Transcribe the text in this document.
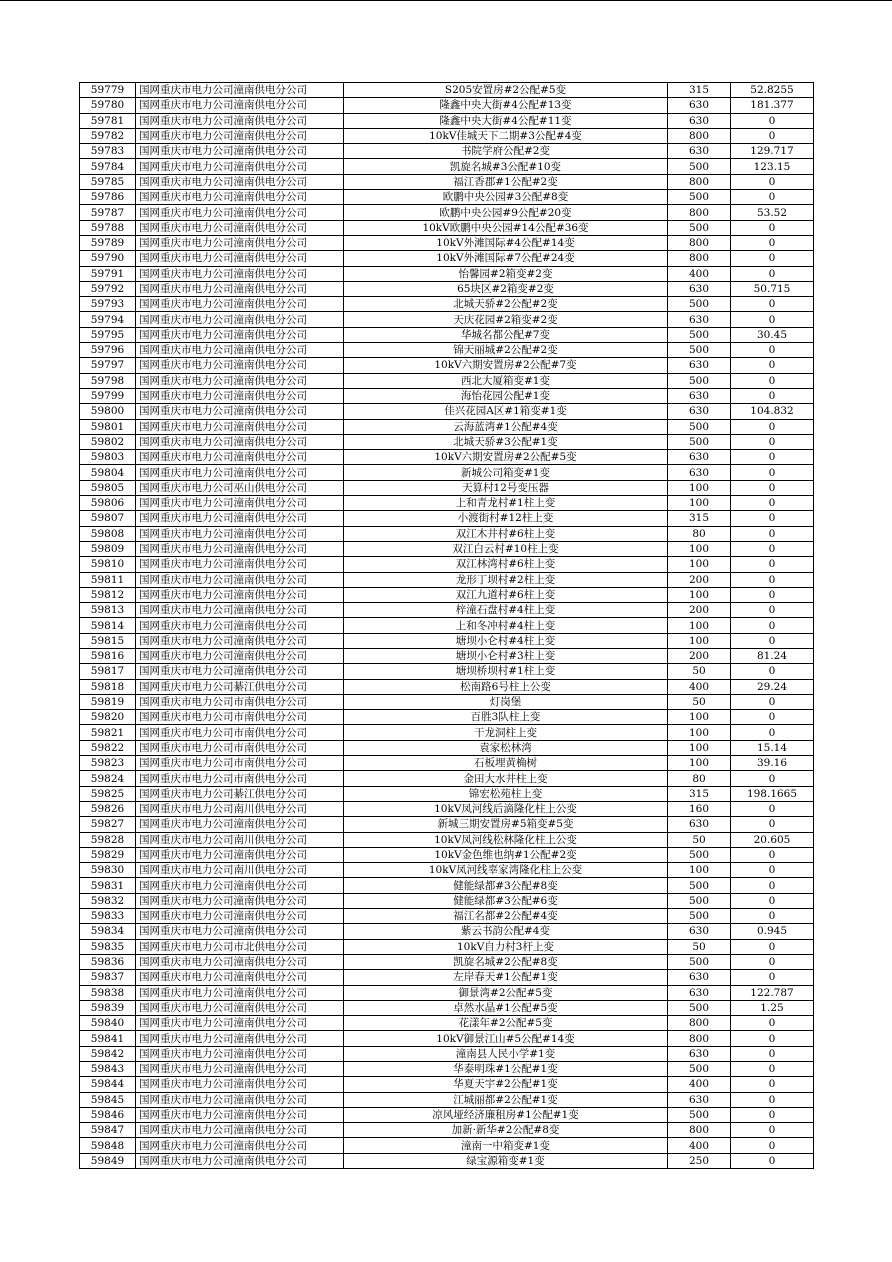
59779	国网重庆市电力公司潼南供电分公司	S205安置房#2公配#5变	315	52.8255
59780	国网重庆市电力公司潼南供电分公司	隆鑫中央大街#4公配#13变	630	181.377
59781	国网重庆市电力公司潼南供电分公司	隆鑫中央大街#4公配#11变	630	0
59782	国网重庆市电力公司潼南供电分公司	10kV佳城天下二期#3公配#4变	800	0
59783	国网重庆市电力公司潼南供电分公司	书院学府公配#2变	630	129.717
59784	国网重庆市电力公司潼南供电分公司	凯旋名城#3公配#10变	500	123.15
59785	国网重庆市电力公司潼南供电分公司	福江香郡#1公配#2变	800	0
59786	国网重庆市电力公司潼南供电分公司	欧鹏中央公园#3公配#8变	500	0
59787	国网重庆市电力公司潼南供电分公司	欧鹏中央公园#9公配#20变	800	53.52
59788	国网重庆市电力公司潼南供电分公司	10kV欧鹏中央公园#14公配#36变	500	0
59789	国网重庆市电力公司潼南供电分公司	10kV外滩国际#4公配#14变	800	0
59790	国网重庆市电力公司潼南供电分公司	10kV外滩国际#7公配#24变	800	0
59791	国网重庆市电力公司潼南供电分公司	怡馨园#2箱变#2变	400	0
59792	国网重庆市电力公司潼南供电分公司	65块区#2箱变#2变	630	50.715
59793	国网重庆市电力公司潼南供电分公司	北城天骄#2公配#2变	500	0
59794	国网重庆市电力公司潼南供电分公司	天庆花园#2箱变#2变	630	0
59795	国网重庆市电力公司潼南供电分公司	华城名都公配#7变	500	30.45
59796	国网重庆市电力公司潼南供电分公司	锦天丽城#2公配#2变	500	0
59797	国网重庆市电力公司潼南供电分公司	10kV六期安置房#2公配#7变	630	0
59798	国网重庆市电力公司潼南供电分公司	西北大厦箱变#1变	500	0
59799	国网重庆市电力公司潼南供电分公司	海怡花园公配#1变	630	0
59800	国网重庆市电力公司潼南供电分公司	佳兴花园A区#1箱变#1变	630	104.832
59801	国网重庆市电力公司潼南供电分公司	云海蓝湾#1公配#4变	500	0
59802	国网重庆市电力公司潼南供电分公司	北城天骄#3公配#1变	500	0
59803	国网重庆市电力公司潼南供电分公司	10kV六期安置房#2公配#5变	630	0
59804	国网重庆市电力公司潼南供电分公司	新城公司箱变#1变	630	0
59805	国网重庆市电力公司巫山供电分公司	天算村12号变压器	100	0
59806	国网重庆市电力公司潼南供电分公司	上和青龙村#1柱上变	100	0
59807	国网重庆市电力公司潼南供电分公司	小渡街村#12柱上变	315	0
59808	国网重庆市电力公司潼南供电分公司	双江木井村#6柱上变	80	0
59809	国网重庆市电力公司潼南供电分公司	双江白云村#10柱上变	100	0
59810	国网重庆市电力公司潼南供电分公司	双江林湾村#6柱上变	100	0
59811	国网重庆市电力公司潼南供电分公司	龙形丁坝村#2柱上变	200	0
59812	国网重庆市电力公司潼南供电分公司	双江九道村#6柱上变	100	0
59813	国网重庆市电力公司潼南供电分公司	梓潼石盘村#4柱上变	200	0
59814	国网重庆市电力公司潼南供电分公司	上和冬冲村#4柱上变	100	0
59815	国网重庆市电力公司潼南供电分公司	塘坝小仑村#4柱上变	100	0
59816	国网重庆市电力公司潼南供电分公司	塘坝小仑村#3柱上变	200	81.24
59817	国网重庆市电力公司潼南供电分公司	塘坝桥坝村#1柱上变	50	0
59818	国网重庆市电力公司綦江供电分公司	松南路6号柱上公变	400	29.24
59819	国网重庆市电力公司市南供电分公司	灯岗堡	50	0
59820	国网重庆市电力公司市南供电分公司	百胜3队柱上变	100	0
59821	国网重庆市电力公司市南供电分公司	干龙洞柱上变	100	0
59822	国网重庆市电力公司市南供电分公司	袁家松林湾	100	15.14
59823	国网重庆市电力公司市南供电分公司	石板埋黄桷树	100	39.16
59824	国网重庆市电力公司市南供电分公司	金田大水井柱上变	80	0
59825	国网重庆市电力公司綦江供电分公司	锦宏松苑柱上变	315	198.1665
59826	国网重庆市电力公司南川供电分公司	10kV凤河线后滴隆化柱上公变	160	0
59827	国网重庆市电力公司潼南供电分公司	新城三期安置房#5箱变#5变	630	0
59828	国网重庆市电力公司南川供电分公司	10kV凤河线松林隆化柱上公变	50	20.605
59829	国网重庆市电力公司潼南供电分公司	10kV金色维也纳#1公配#2变	500	0
59830	国网重庆市电力公司南川供电分公司	10kV凤河线辜家湾隆化柱上公变	100	0
59831	国网重庆市电力公司潼南供电分公司	健能绿都#3公配#8变	500	0
59832	国网重庆市电力公司潼南供电分公司	健能绿都#3公配#6变	500	0
59833	国网重庆市电力公司潼南供电分公司	福江名都#2公配#4变	500	0
59834	国网重庆市电力公司潼南供电分公司	紫云书韵公配#4变	630	0.945
59835	国网重庆市电力公司市北供电分公司	10kV自力村3杆上变	50	0
59836	国网重庆市电力公司潼南供电分公司	凯旋名城#2公配#8变	500	0
59837	国网重庆市电力公司潼南供电分公司	左岸春天#1公配#1变	630	0
59838	国网重庆市电力公司潼南供电分公司	御景湾#2公配#5变	630	122.787
59839	国网重庆市电力公司潼南供电分公司	卓然水晶#1公配#5变	500	1.25
59840	国网重庆市电力公司潼南供电分公司	花漾年#2公配#5变	800	0
59841	国网重庆市电力公司潼南供电分公司	10kV御景江山#5公配#14变	800	0
59842	国网重庆市电力公司潼南供电分公司	潼南县人民小学#1变	630	0
59843	国网重庆市电力公司潼南供电分公司	华泰明珠#1公配#1变	500	0
59844	国网重庆市电力公司潼南供电分公司	华夏天宇#2公配#1变	400	0
59845	国网重庆市电力公司潼南供电分公司	江城丽都#2公配#1变	630	0
59846	国网重庆市电力公司潼南供电分公司	凉风垭经济廉租房#1公配#1变	500	0
59847	国网重庆市电力公司潼南供电分公司	加新·新华#2公配#8变	800	0
59848	国网重庆市电力公司潼南供电分公司	潼南一中箱变#1变	400	0
59849	国网重庆市电力公司潼南供电分公司	绿宝源箱变#1变	250	0
